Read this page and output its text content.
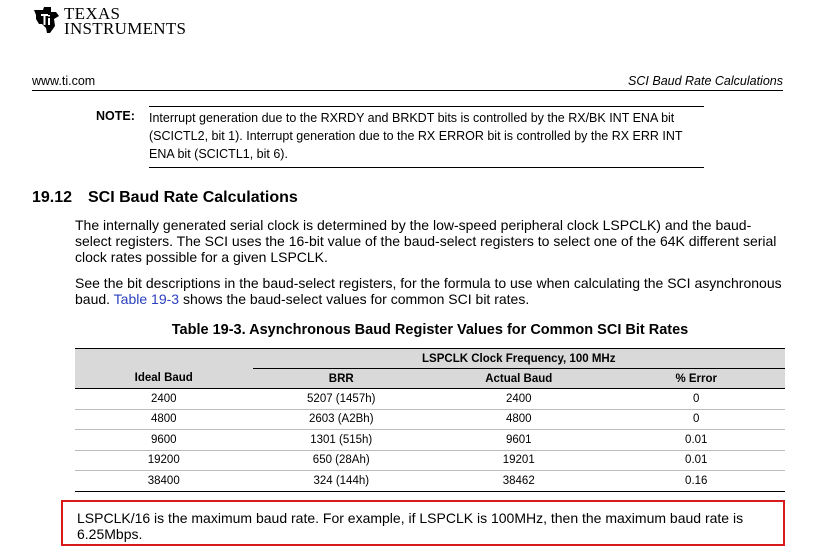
TEXAS
INSTRUMENTS
www.ti.com	SCI Baud Rate Calculations
NOTE: Interrupt generation due to the RXRDY and BRKDT bits is controlled by the RX/BK INT ENA bit (SCICTL2, bit 1). Interrupt generation due to the RX ERROR bit is controlled by the RX ERR INT ENA bit (SCICTL1, bit 6).
19.12 SCI Baud Rate Calculations
The internally generated serial clock is determined by the low-speed peripheral clock LSPCLK) and the baud-select registers. The SCI uses the 16-bit value of the baud-select registers to select one of the 64K different serial clock rates possible for a given LSPCLK.
See the bit descriptions in the baud-select registers, for the formula to use when calculating the SCI asynchronous baud. Table 19-3 shows the baud-select values for common SCI bit rates.
Table 19-3. Asynchronous Baud Register Values for Common SCI Bit Rates
	LSPCLK Clock Frequency, 100 MHz		
Ideal Baud	BRR	Actual Baud	% Error
2400	5207 (1457h)	2400	0
4800	2603 (A2Bh)	4800	0
9600	1301 (515h)	9601	0.01
19200	650 (28Ah)	19201	0.01
38400	324 (144h)	38462	0.16
LSPCLK/16 is the maximum baud rate. For example, if LSPCLK is 100MHz, then the maximum baud rate is 6.25Mbps.
